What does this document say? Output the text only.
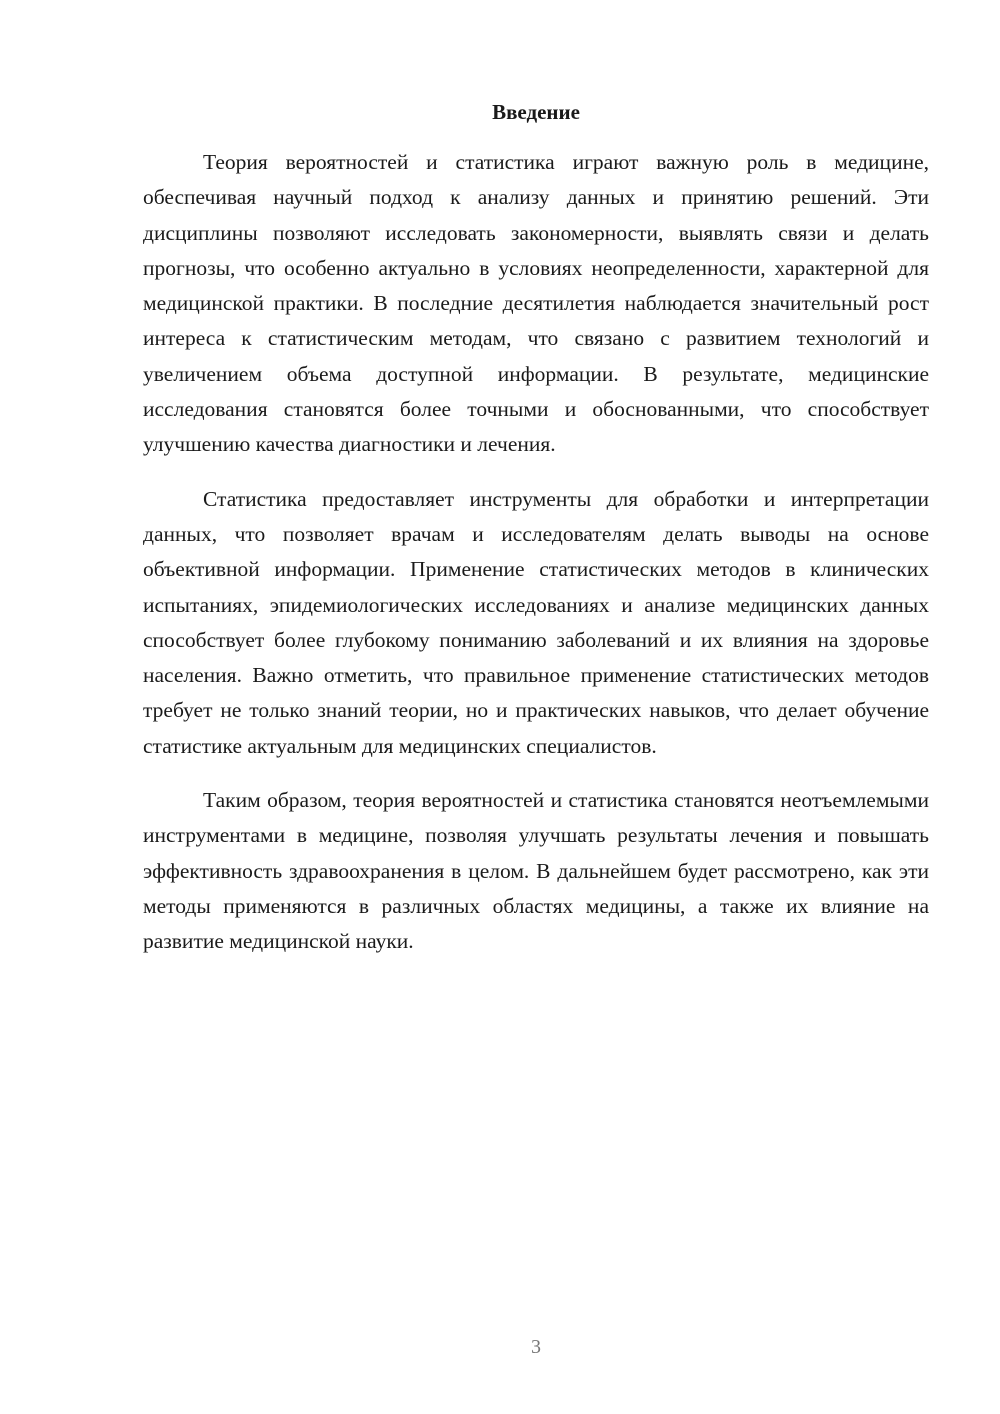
Введение

Теория вероятностей и статистика играют важную роль в медицине, обеспечивая научный подход к анализу данных и принятию решений. Эти дисциплины позволяют исследовать закономерности, выявлять связи и делать прогнозы, что особенно актуально в условиях неопределенности, характерной для медицинской практики. В последние десятилетия наблюдается значительный рост интереса к статистическим методам, что связано с развитием технологий и увеличением объема доступной информации. В результате, медицинские исследования становятся более точными и обоснованными, что способствует улучшению качества диагностики и лечения.

Статистика предоставляет инструменты для обработки и интерпретации данных, что позволяет врачам и исследователям делать выводы на основе объективной информации. Применение статистических методов в клинических испытаниях, эпидемиологических исследованиях и анализе медицинских данных способствует более глубокому пониманию заболеваний и их влияния на здоровье населения. Важно отметить, что правильное применение статистических методов требует не только знаний теории, но и практических навыков, что делает обучение статистике актуальным для медицинских специалистов.

Таким образом, теория вероятностей и статистика становятся неотъемлемыми инструментами в медицине, позволяя улучшать результаты лечения и повышать эффективность здравоохранения в целом. В дальнейшем будет рассмотрено, как эти методы применяются в различных областях медицины, а также их влияние на развитие медицинской науки.

3
